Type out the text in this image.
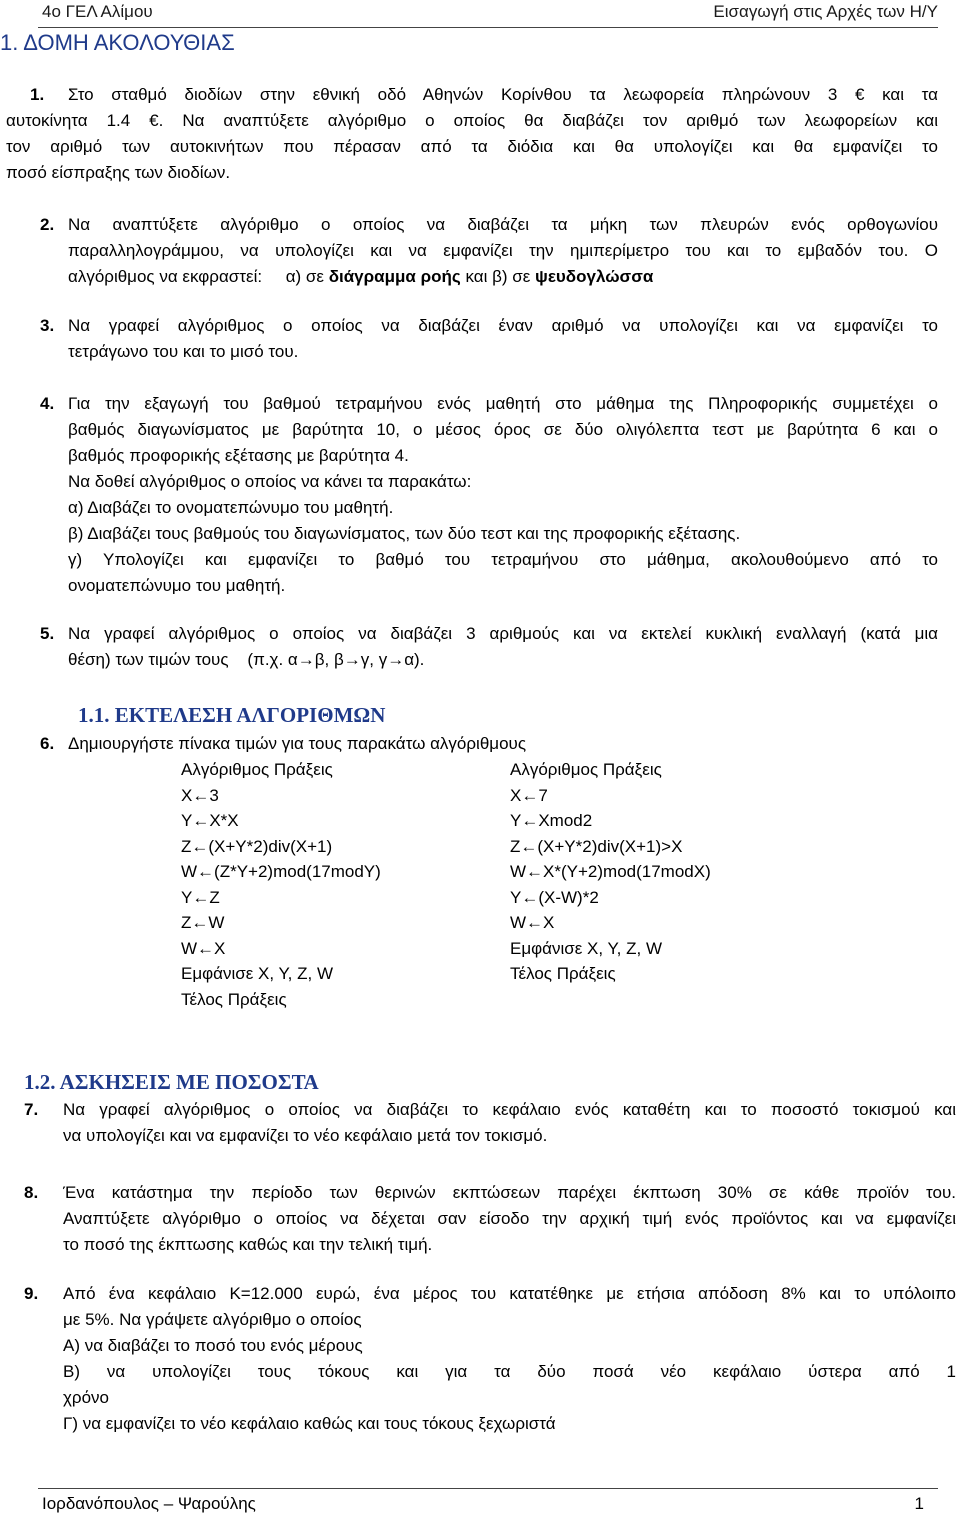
4ο ΓΕΛ Αλίμου	Εισαγωγή στις Αρχές των Η/Υ
1. ΔΟΜΗ ΑΚΟΛΟΥΘΙΑΣ
1. Στο σταθμό διοδίων στην εθνική οδό Αθηνών Κορίνθου τα λεωφορεία πληρώνουν 3 € και τα
αυτοκίνητα 1.4 €. Να αναπτύξετε αλγόριθμο ο οποίος θα διαβάζει τον αριθμό των λεωφορείων και
τον αριθμό των αυτοκινήτων που πέρασαν από τα διόδια και θα υπολογίζει και θα εμφανίζει το
ποσό είσπραξης των διοδίων.
2. Να αναπτύξετε αλγόριθμο ο οποίος να διαβάζει τα μήκη των πλευρών ενός ορθογωνίου
παραλληλογράμμου, να υπολογίζει και να εμφανίζει την ημιπερίμετρο του και το εμβαδόν του. Ο
αλγόριθμος να εκφραστεί:     α) σε διάγραμμα ροής και β) σε ψευδογλώσσα
3. Να γραφεί αλγόριθμος ο οποίος να διαβάζει έναν αριθμό να υπολογίζει και να εμφανίζει το
τετράγωνο του και το μισό του.
4. Για την εξαγωγή του βαθμού τετραμήνου ενός μαθητή στο μάθημα της Πληροφορικής συμμετέχει ο
βαθμός διαγωνίσματος με βαρύτητα 10, ο μέσος όρος σε δύο ολιγόλεπτα τεστ με βαρύτητα 6 και ο
βαθμός προφορικής εξέτασης με βαρύτητα 4.
Να δοθεί αλγόριθμος ο οποίος να κάνει τα παρακάτω:
α) Διαβάζει το ονοματεπώνυμο του μαθητή.
β) Διαβάζει τους βαθμούς του διαγωνίσματος, των δύο τεστ και της προφορικής εξέτασης.
γ) Υπολογίζει και εμφανίζει το βαθμό του τετραμήνου στο μάθημα, ακολουθούμενο από το
ονοματεπώνυμο του μαθητή.
5. Να γραφεί αλγόριθμος ο οποίος να διαβάζει 3 αριθμούς και να εκτελεί κυκλική εναλλαγή (κατά μια
θέση) των τιμών τους    (π.χ. α→β, β→γ, γ→α).
1.1. ΕΚΤΕΛΕΣΗ ΑΛΓΟΡΙΘΜΩΝ
6. Δημιουργήστε πίνακα τιμών για τους παρακάτω αλγόριθμους
Αλγόριθμος Πράξεις
X←3
Y←X*X
Z←(X+Y*2)div(X+1)
W←(Z*Y+2)mod(17modY)
Y←Z
Z←W
W←X
Εμφάνισε X, Y, Z, W
Τέλος Πράξεις
Αλγόριθμος Πράξεις
X←7
Y←Xmod2
Z←(X+Y*2)div(X+1)>X
W←X*(Y+2)mod(17modX)
Y←(X-W)*2
W←X
Εμφάνισε X, Y, Z, W
Τέλος Πράξεις
1.2. ΑΣΚΗΣΕΙΣ ΜΕ ΠΟΣΟΣΤΑ
7. Να γραφεί αλγόριθμος ο οποίος να διαβάζει το κεφάλαιο ενός καταθέτη και το ποσοστό τοκισμού και
να υπολογίζει και να εμφανίζει το νέο κεφάλαιο μετά τον τοκισμό.
8. Ένα κατάστημα την περίοδο των θερινών εκπτώσεων παρέχει έκπτωση 30% σε κάθε προϊόν του.
Αναπτύξετε αλγόριθμο ο οποίος να δέχεται σαν είσοδο την αρχική τιμή ενός προϊόντος και να εμφανίζει
το ποσό της έκπτωσης καθώς και την τελική τιμή.
9. Από ένα κεφάλαιο Κ=12.000 ευρώ, ένα μέρος του κατατέθηκε με ετήσια απόδοση 8% και το υπόλοιπο
με 5%. Να γράψετε αλγόριθμο ο οποίος
Α) να διαβάζει το ποσό του ενός μέρους
Β) να υπολογίζει τους τόκους και για τα δύο ποσά νέο κεφάλαιο ύστερα από 1
χρόνο
Γ) να εμφανίζει το νέο κεφάλαιο καθώς και τους τόκους ξεχωριστά
Ιορδανόπουλος – Ψαρούλης	1
